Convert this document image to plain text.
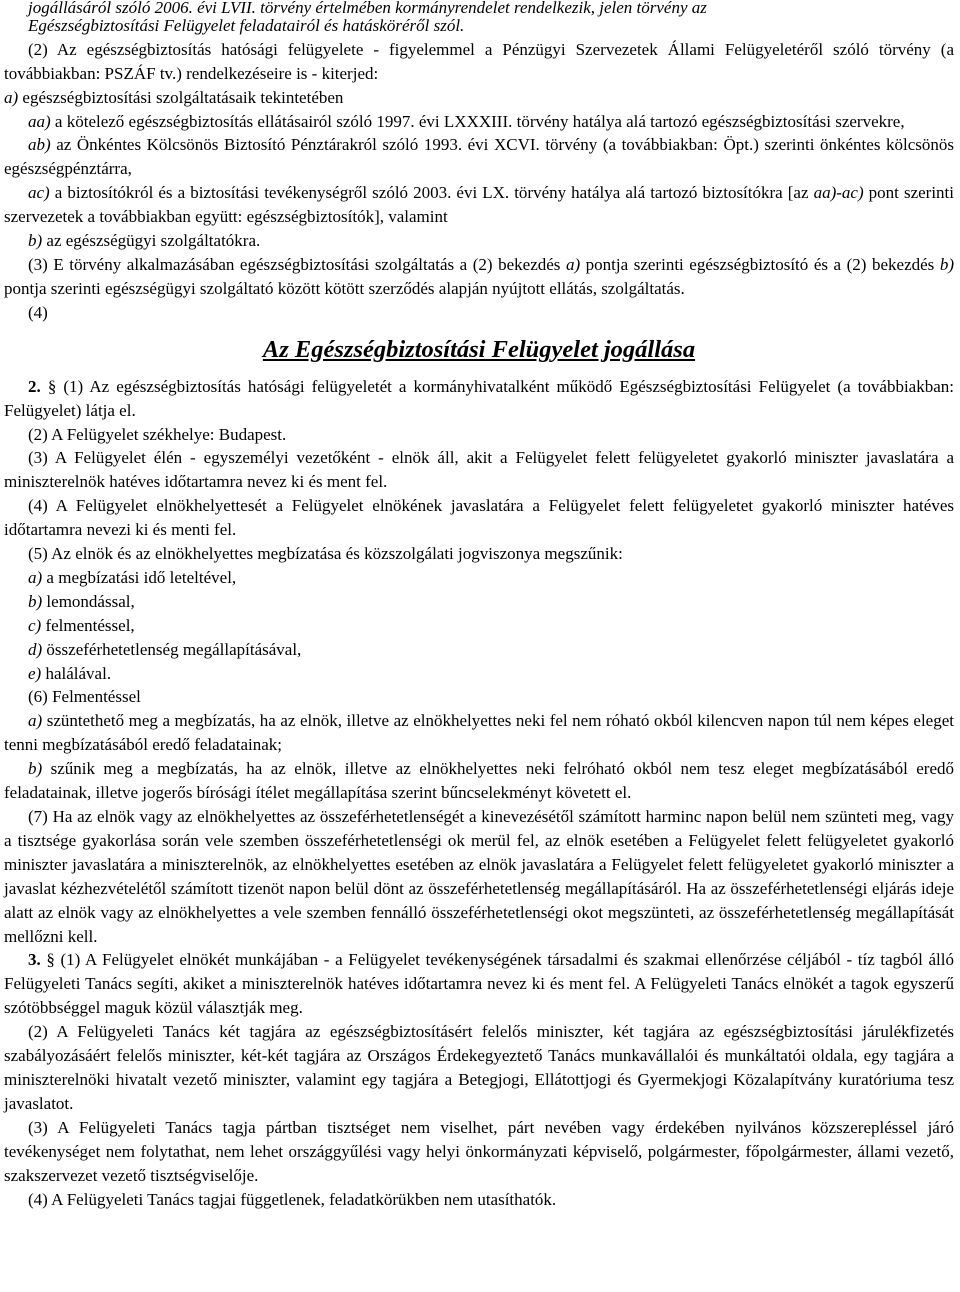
jogállásáról szóló 2006. évi LVII. törvény értelmében kormányrendelet rendelkezik, jelen törvény az

Egészségbiztosítási Felügyelet feladatairól és hatásköréről szól.

(2) Az egészségbiztosítás hatósági felügyelete - figyelemmel a Pénzügyi Szervezetek Állami Felügyeletéről szóló törvény (a továbbiakban: PSZÁF tv.) rendelkezéseire is - kiterjed:

a) egészségbiztosítási szolgáltatásaik tekintetében

aa) a kötelező egészségbiztosítás ellátásairól szóló 1997. évi LXXXIII. törvény hatálya alá tartozó egészségbiztosítási szervekre,

ab) az Önkéntes Kölcsönös Biztosító Pénztárakról szóló 1993. évi XCVI. törvény (a továbbiakban: Öpt.) szerinti önkéntes kölcsönös egészségpénztárra,

ac) a biztosítókról és a biztosítási tevékenységről szóló 2003. évi LX. törvény hatálya alá tartozó biztosítókra [az aa)-ac) pont szerinti szervezetek a továbbiakban együtt: egészségbiztosítók], valamint

b) az egészségügyi szolgáltatókra.

(3) E törvény alkalmazásában egészségbiztosítási szolgáltatás a (2) bekezdés a) pontja szerinti egészségbiztosító és a (2) bekezdés b) pontja szerinti egészségügyi szolgáltató között kötött szerződés alapján nyújtott ellátás, szolgáltatás.

(4)

Az Egészségbiztosítási Felügyelet jogállása

2. § (1) Az egészségbiztosítás hatósági felügyeletét a kormányhivatalként működő Egészségbiztosítási Felügyelet (a továbbiakban: Felügyelet) látja el.

(2) A Felügyelet székhelye: Budapest.

(3) A Felügyelet élén - egyszemélyi vezetőként - elnök áll, akit a Felügyelet felett felügyeletet gyakorló miniszter javaslatára a miniszterelnök hatéves időtartamra nevez ki és ment fel.

(4) A Felügyelet elnökhelyettesét a Felügyelet elnökének javaslatára a Felügyelet felett felügyeletet gyakorló miniszter hatéves időtartamra nevezi ki és menti fel.

(5) Az elnök és az elnökhelyettes megbízatása és közszolgálati jogviszonya megszűnik:

a) a megbízatási idő leteltével,

b) lemondással,

c) felmentéssel,

d) összeférhetetlenség megállapításával,

e) halálával.

(6) Felmentéssel

a) szüntethető meg a megbízatás, ha az elnök, illetve az elnökhelyettes neki fel nem róható okból kilencven napon túl nem képes eleget tenni megbízatásából eredő feladatainak;

b) szűnik meg a megbízatás, ha az elnök, illetve az elnökhelyettes neki felróható okból nem tesz eleget megbízatásából eredő feladatainak, illetve jogerős bírósági ítélet megállapítása szerint bűncselekményt követett el.

(7) Ha az elnök vagy az elnökhelyettes az összeférhetetlenségét a kinevezésétől számított harminc napon belül nem szünteti meg, vagy a tisztsége gyakorlása során vele szemben összeférhetetlenségi ok merül fel, az elnök esetében a Felügyelet felett felügyeletet gyakorló miniszter javaslatára a miniszterelnök, az elnökhelyettes esetében az elnök javaslatára a Felügyelet felett felügyeletet gyakorló miniszter a javaslat kézhezvételétől számított tizenöt napon belül dönt az összeférhetetlenség megállapításáról. Ha az összeférhetetlenségi eljárás ideje alatt az elnök vagy az elnökhelyettes a vele szemben fennálló összeférhetetlenségi okot megszünteti, az összeférhetetlenség megállapítását mellőzni kell.

3. § (1) A Felügyelet elnökét munkájában - a Felügyelet tevékenységének társadalmi és szakmai ellenőrzése céljából - tíz tagból álló Felügyeleti Tanács segíti, akiket a miniszterelnök hatéves időtartamra nevez ki és ment fel. A Felügyeleti Tanács elnökét a tagok egyszerű szótöbbséggel maguk közül választják meg.

(2) A Felügyeleti Tanács két tagjára az egészségbiztosításért felelős miniszter, két tagjára az egészségbiztosítási járulékfizetés szabályozásáért felelős miniszter, két-két tagjára az Országos Érdekegyeztető Tanács munkavállalói és munkáltatói oldala, egy tagjára a miniszterelnöki hivatalt vezető miniszter, valamint egy tagjára a Betegjogi, Ellátottjogi és Gyermekjogi Közalapítvány kuratóriuma tesz javaslatot.

(3) A Felügyeleti Tanács tagja pártban tisztséget nem viselhet, párt nevében vagy érdekében nyilvános közszerepléssel járó tevékenységet nem folytathat, nem lehet országgyűlési vagy helyi önkormányzati képviselő, polgármester, főpolgármester, állami vezető, szakszervezet vezető tisztségviselője.

(4) A Felügyeleti Tanács tagjai függetlenek, feladatkörükben nem utasíthatók.
